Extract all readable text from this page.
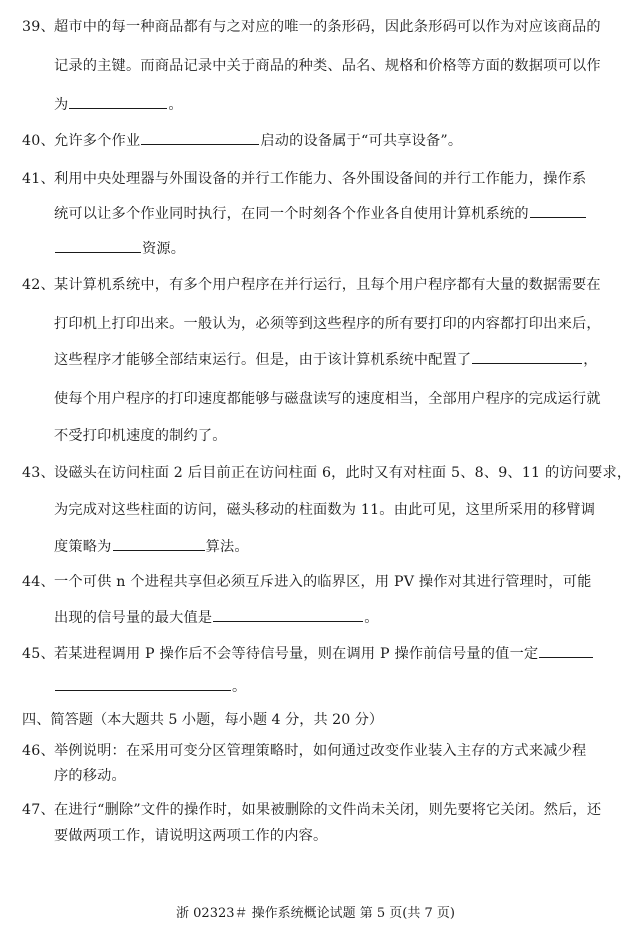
39、 超市中的每一种商品都有与之对应的唯一的条形码，因此条形码可以作为对应该商品的
记录的主键。而商品记录中关于商品的种类、品名、规格和价格等方面的数据项可以作
为	。
40、 允许多个作业	启动的设备属于“可共享设备”。
41、 利用中央处理器与外围设备的并行工作能力、各外围设备间的并行工作能力，操作系
统可以让多个作业同时执行，在同一个时刻各个作业各自使用计算机系统的
资源。
42、 某计算机系统中，有多个用户程序在并行运行，且每个用户程序都有大量的数据需要在
打印机上打印出来。一般认为，必须等到这些程序的所有要打印的内容都打印出来后，
这些程序才能够全部结束运行。但是，由于该计算机系统中配置了	，
使每个用户程序的打印速度都能够与磁盘读写的速度相当，全部用户程序的完成运行就
不受打印机速度的制约了。
43、 设磁头在访问柱面 2 后目前正在访问柱面 6，此时又有对柱面 5、8、9、11 的访问要求，
为完成对这些柱面的访问，磁头移动的柱面数为 11。由此可见，这里所采用的移臂调
度策略为	算法。
44、 一个可供 n 个进程共享但必须互斥进入的临界区，用 PV 操作对其进行管理时，可能
出现的信号量的最大值是	。
45、 若某进程调用 P 操作后不会等待信号量，则在调用 P 操作前信号量的值一定
。
四、简答题（本大题共 5 小题，每小题 4 分，共 20 分）
46、 举例说明：在采用可变分区管理策略时，如何通过改变作业装入主存的方式来减少程
序的移动。
47、 在进行“删除”文件的操作时，如果被删除的文件尚未关闭，则先要将它关闭。然后，还
要做两项工作，请说明这两项工作的内容。
浙 02323＃ 操作系统概论试题 第 5 页(共 7 页)
